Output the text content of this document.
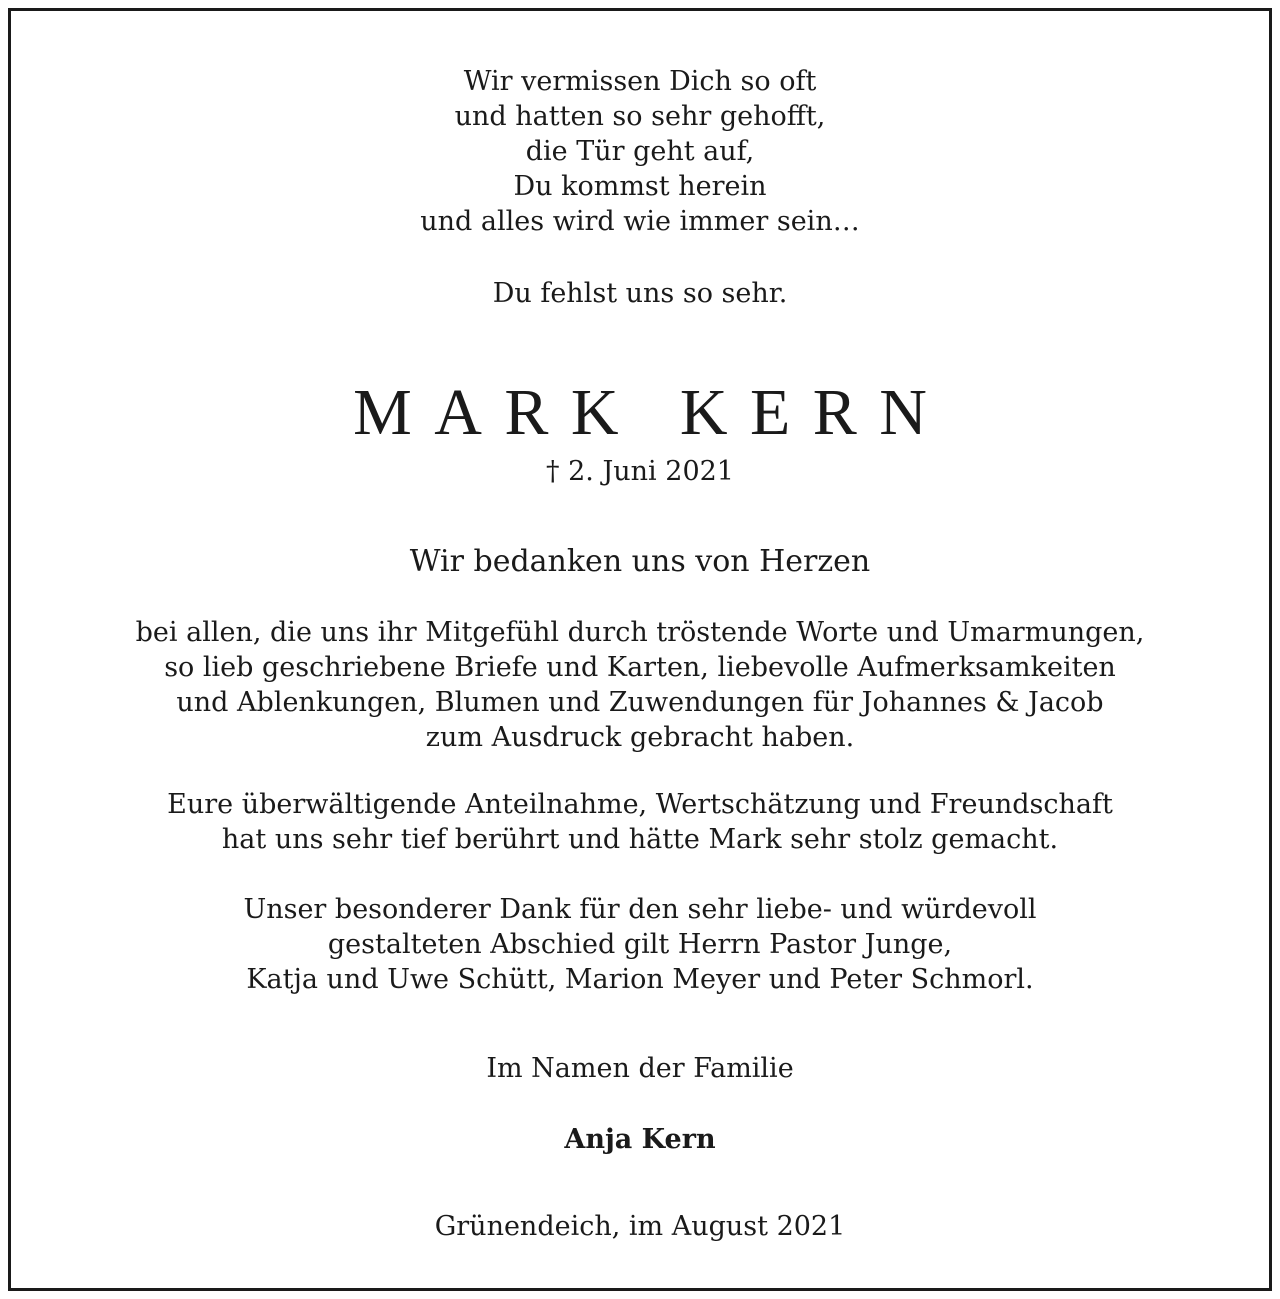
Wir vermissen Dich so oft
und hatten so sehr gehofft,
die Tür geht auf,
Du kommst herein
und alles wird wie immer sein…

Du fehlst uns so sehr.

MARK KERN

† 2. Juni 2021

Wir bedanken uns von Herzen

bei allen, die uns ihr Mitgefühl durch tröstende Worte und Umarmungen,
so lieb geschriebene Briefe und Karten, liebevolle Aufmerksamkeiten
und Ablenkungen, Blumen und Zuwendungen für Johannes & Jacob
zum Ausdruck gebracht haben.

Eure überwältigende Anteilnahme, Wertschätzung und Freundschaft
hat uns sehr tief berührt und hätte Mark sehr stolz gemacht.

Unser besonderer Dank für den sehr liebe- und würdevoll
gestalteten Abschied gilt Herrn Pastor Junge,
Katja und Uwe Schütt, Marion Meyer und Peter Schmorl.

Im Namen der Familie

Anja Kern

Grünendeich, im August 2021
